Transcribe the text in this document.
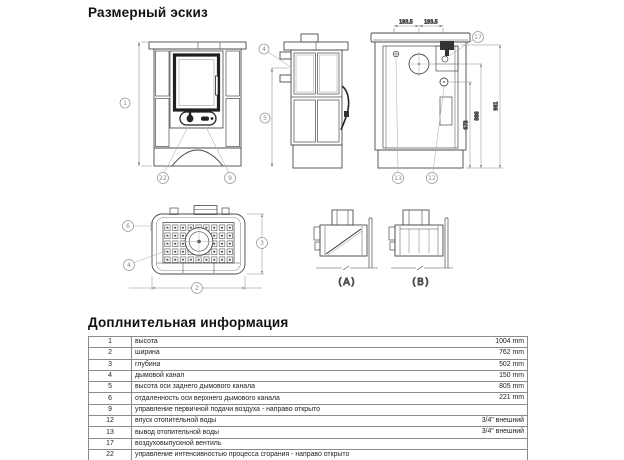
Размерный эскиз
1
22	9
4
5
193.5 193.5
673
886
981
17
13	12
6
4
3
2
(A)	(B)
Доплнительная информация
1	высота 1004 mm

2	ширина 762 mm

3	глубина 502 mm

4	дымовой канал 150 mm

5	высота оси заднего дымового канала 805 mm

6	отдаленность оси верхнего дымового канала 221 mm

9	управление первичной подачи воздуха - направо открыто

12	впуск отопительной воды 3/4" внешний

13	вывод отопительной воды 3/4" внешний

17	воздуховыпускной вентиль

22	управление интенсивностью процесса сгорания - направо открыто
